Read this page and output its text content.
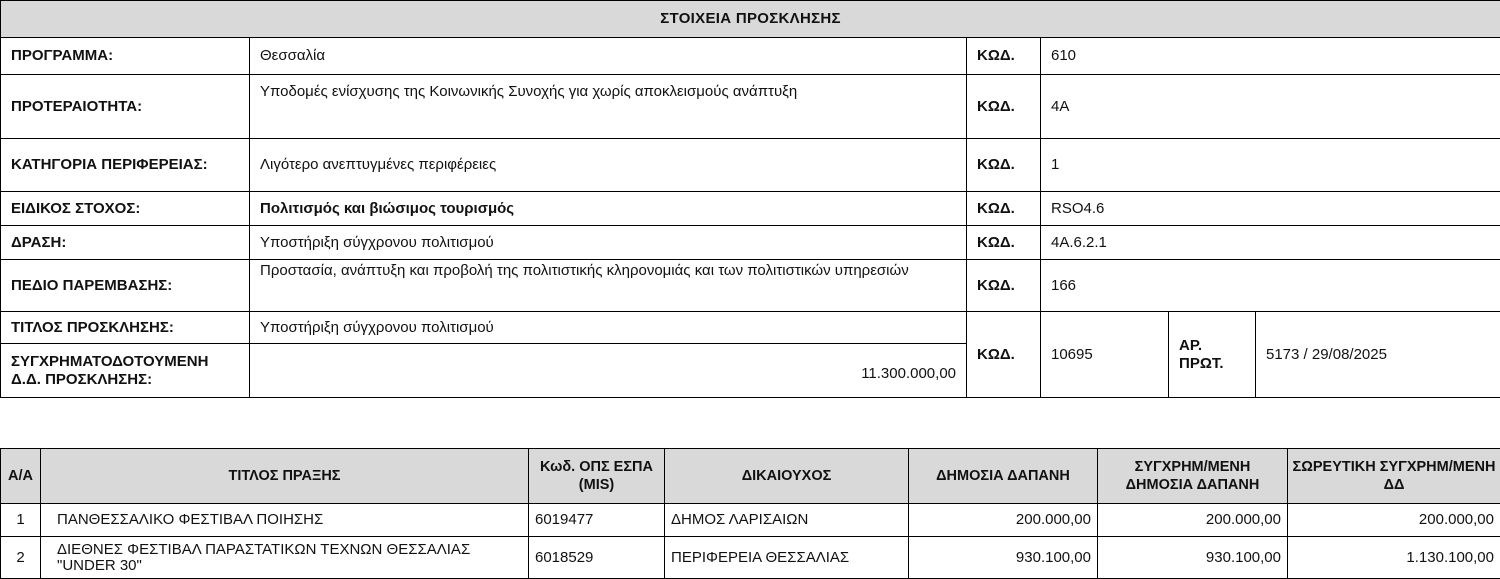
ΣΤΟΙΧΕΙΑ ΠΡΟΣΚΛΗΣΗΣ					
ΠΡΟΓΡΑΜΜΑ:	Θεσσαλία	ΚΩΔ.	610		
ΠΡΟΤΕΡΑΙΟΤΗΤΑ:	Υποδομές ενίσχυσης της Κοινωνικής Συνοχής για χωρίς αποκλεισμούς ανάπτυξη	ΚΩΔ.	4A		
ΚΑΤΗΓΟΡΙΑ ΠΕΡΙΦΕΡΕΙΑΣ:	Λιγότερο ανεπτυγμένες περιφέρειες	ΚΩΔ.	1		
ΕΙΔΙΚΟΣ ΣΤΟΧΟΣ:	Πολιτισμός και βιώσιμος τουρισμός	ΚΩΔ.	RSO4.6		
ΔΡΑΣΗ:	Υποστήριξη σύγχρονου πολιτισμού	ΚΩΔ.	4A.6.2.1		
ΠΕΔΙΟ ΠΑΡΕΜΒΑΣΗΣ:	Προστασία, ανάπτυξη και προβολή της πολιτιστικής κληρονομιάς και των πολιτιστικών υπηρεσιών	ΚΩΔ.	166		
ΤΙΤΛΟΣ ΠΡΟΣΚΛΗΣΗΣ:	Υποστήριξη σύγχρονου πολιτισμού	ΚΩΔ.	10695	ΑΡ. ΠΡΩΤ.	5173 / 29/08/2025
ΣΥΓΧΡΗΜΑΤΟΔΟΤΟΥΜΕΝΗ Δ.Δ. ΠΡΟΣΚΛΗΣΗΣ:	11.300.000,00				
Α/Α	ΤΙΤΛΟΣ ΠΡΑΞΗΣ	Κωδ. ΟΠΣ ΕΣΠΑ (MIS)	ΔΙΚΑΙΟΥΧΟΣ	ΔΗΜΟΣΙΑ ΔΑΠΑΝΗ	ΣΥΓΧΡΗΜ/ΜΕΝΗ ΔΗΜΟΣΙΑ ΔΑΠΑΝΗ	ΣΩΡΕΥΤΙΚΗ ΣΥΓΧΡΗΜ/ΜΕΝΗ ΔΔ
1	ΠΑΝΘΕΣΣΑΛΙΚΟ ΦΕΣΤΙΒΑΛ ΠΟΙΗΣΗΣ	6019477	ΔΗΜΟΣ ΛΑΡΙΣΑΙΩΝ	200.000,00	200.000,00	200.000,00
2	ΔΙΕΘΝΕΣ ΦΕΣΤΙΒΑΛ ΠΑΡΑΣΤΑΤΙΚΩΝ ΤΕΧΝΩΝ ΘΕΣΣΑΛΙΑΣ "UNDER 30"	6018529	ΠΕΡΙΦΕΡΕΙΑ ΘΕΣΣΑΛΙΑΣ	930.100,00	930.100,00	1.130.100,00
